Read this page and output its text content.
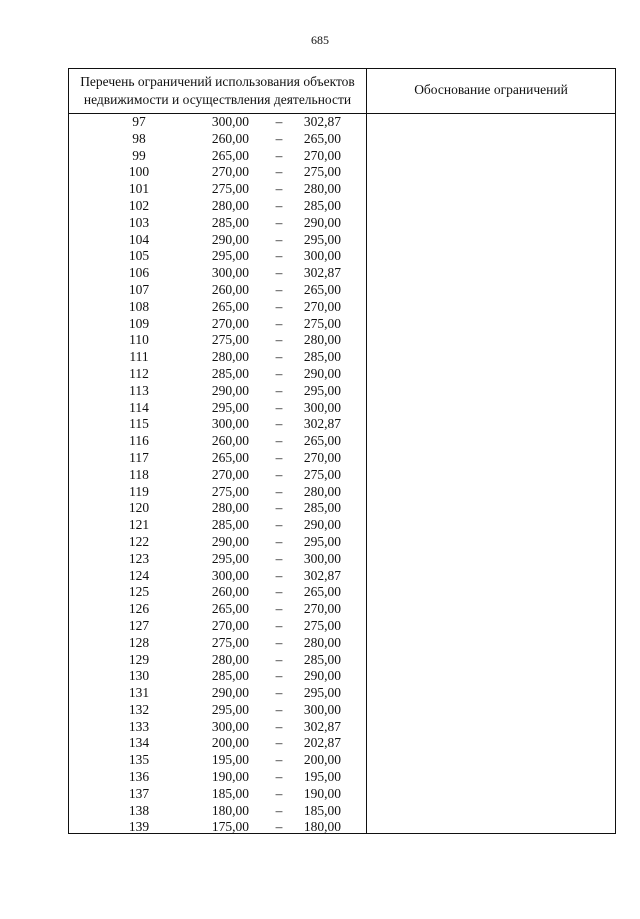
685
Перечень ограничений использования объектов
недвижимости и осуществления деятельности
Обоснование ограничений
97	300,00	–	302,87
98	260,00	–	265,00
99	265,00	–	270,00
100	270,00	–	275,00
101	275,00	–	280,00
102	280,00	–	285,00
103	285,00	–	290,00
104	290,00	–	295,00
105	295,00	–	300,00
106	300,00	–	302,87
107	260,00	–	265,00
108	265,00	–	270,00
109	270,00	–	275,00
110	275,00	–	280,00
111	280,00	–	285,00
112	285,00	–	290,00
113	290,00	–	295,00
114	295,00	–	300,00
115	300,00	–	302,87
116	260,00	–	265,00
117	265,00	–	270,00
118	270,00	–	275,00
119	275,00	–	280,00
120	280,00	–	285,00
121	285,00	–	290,00
122	290,00	–	295,00
123	295,00	–	300,00
124	300,00	–	302,87
125	260,00	–	265,00
126	265,00	–	270,00
127	270,00	–	275,00
128	275,00	–	280,00
129	280,00	–	285,00
130	285,00	–	290,00
131	290,00	–	295,00
132	295,00	–	300,00
133	300,00	–	302,87
134	200,00	–	202,87
135	195,00	–	200,00
136	190,00	–	195,00
137	185,00	–	190,00
138	180,00	–	185,00
139	175,00	–	180,00
